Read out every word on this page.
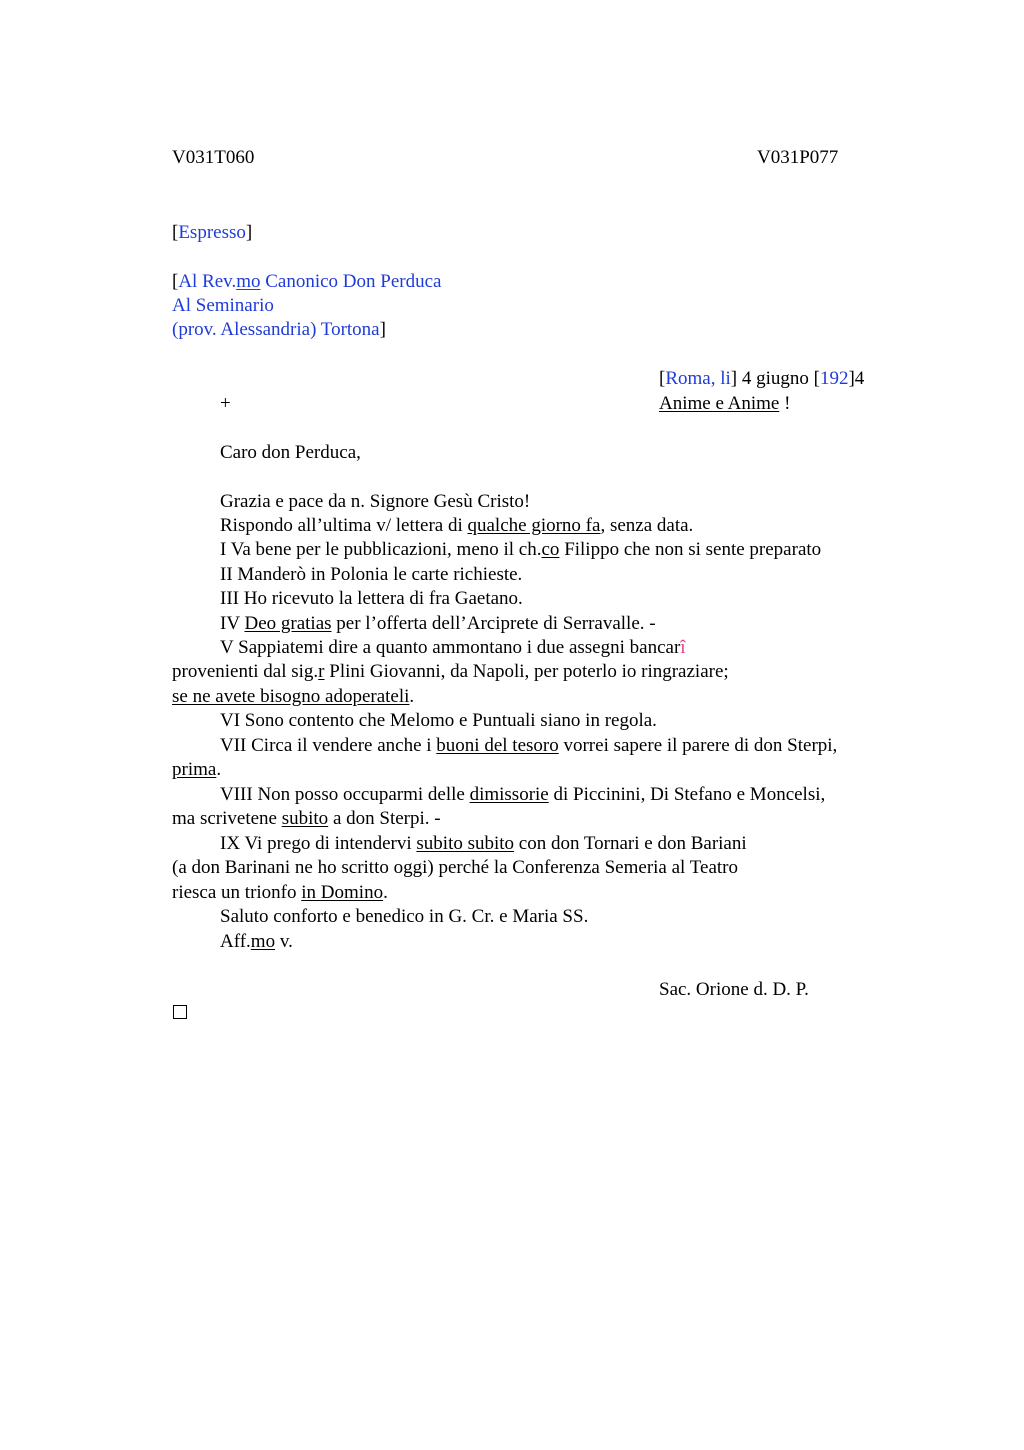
V031T060	V031P077
[Espresso]
[Al Rev.mo Canonico Don Perduca
Al Seminario
(prov. Alessandria) Tortona]
[Roma, li] 4 giugno [192]4
+	Anime e Anime !
Caro don Perduca,
Grazia e pace da n. Signore Gesù Cristo!
Rispondo all’ultima v/ lettera di qualche giorno fa, senza data.
I Va bene per le pubblicazioni, meno il ch.co Filippo che non si sente preparato
II Manderò in Polonia le carte richieste.
III Ho ricevuto la lettera di fra Gaetano.
IV Deo gratias per l’offerta dell’Arciprete di Serravalle. -
V Sappiatemi dire a quanto ammontano i due assegni bancarî
provenienti dal sig.r Plini Giovanni, da Napoli, per poterlo io ringraziare;
se ne avete bisogno adoperateli.
VI Sono contento che Melomo e Puntuali siano in regola.
VII Circa il vendere anche i buoni del tesoro vorrei sapere il parere di don Sterpi,
prima.
VIII Non posso occuparmi delle dimissorie di Piccinini, Di Stefano e Moncelsi,
ma scrivetene subito a don Sterpi. -
IX Vi prego di intendervi subito subito con don Tornari e don Bariani
(a don Barinani ne ho scritto oggi) perché la Conferenza Semeria al Teatro
riesca un trionfo in Domino.
Saluto conforto e benedico in G. Cr. e Maria SS.
Aff.mo v.
Sac. Orione d. D. P.
